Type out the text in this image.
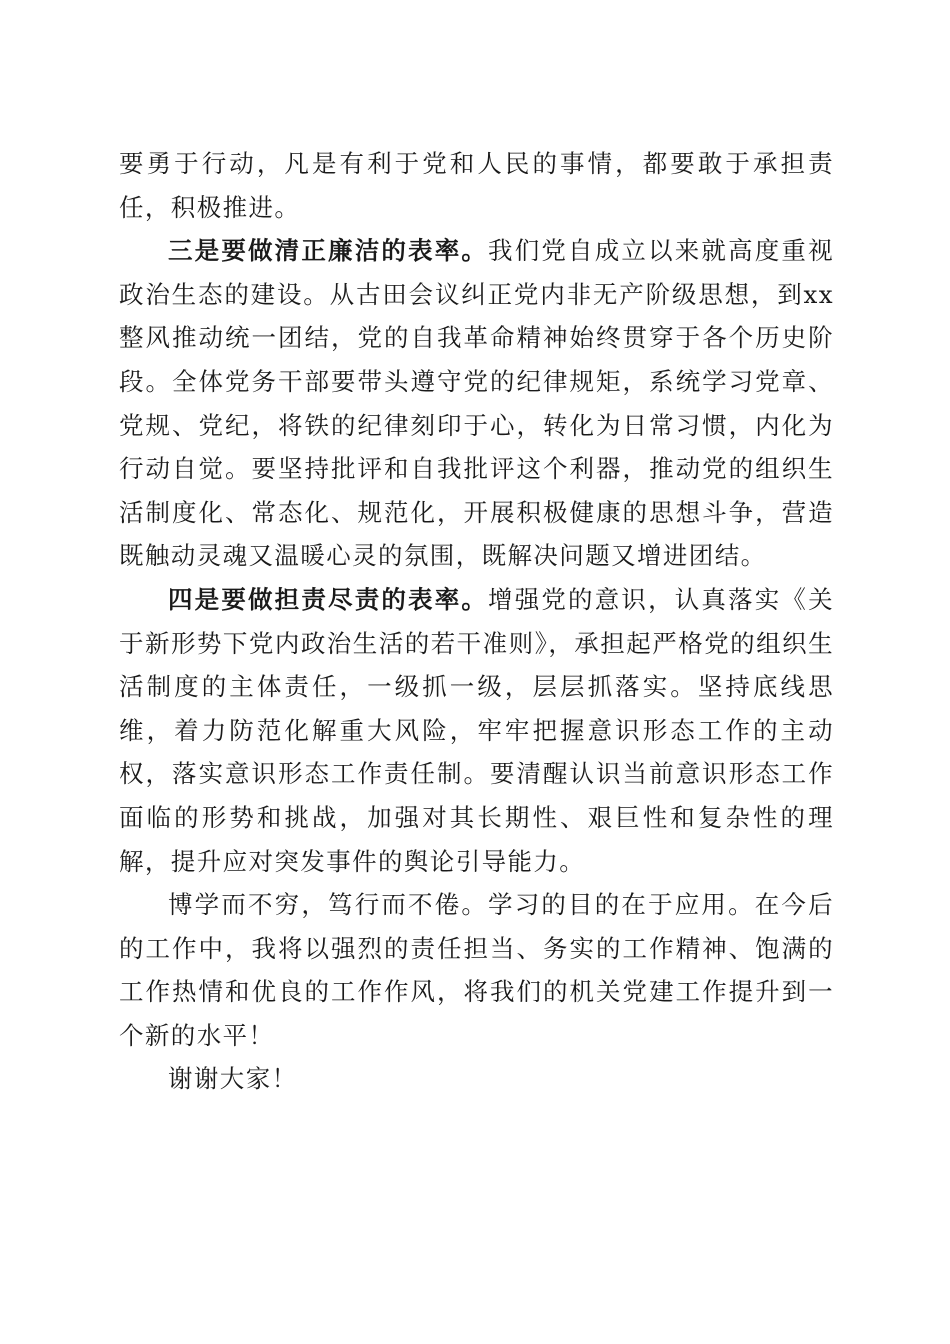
要勇于行动，凡是有利于党和人民的事情，都要敢于承担责任，积极推进。

三是要做清正廉洁的表率。我们党自成立以来就高度重视政治生态的建设。从古田会议纠正党内非无产阶级思想，到xx整风推动统一团结，党的自我革命精神始终贯穿于各个历史阶段。全体党务干部要带头遵守党的纪律规矩，系统学习党章、党规、党纪，将铁的纪律刻印于心，转化为日常习惯，内化为行动自觉。要坚持批评和自我批评这个利器，推动党的组织生活制度化、常态化、规范化，开展积极健康的思想斗争，营造既触动灵魂又温暖心灵的氛围，既解决问题又增进团结。

四是要做担责尽责的表率。增强党的意识，认真落实《关于新形势下党内政治生活的若干准则》，承担起严格党的组织生活制度的主体责任，一级抓一级，层层抓落实。坚持底线思维，着力防范化解重大风险，牢牢把握意识形态工作的主动权，落实意识形态工作责任制。要清醒认识当前意识形态工作面临的形势和挑战，加强对其长期性、艰巨性和复杂性的理解，提升应对突发事件的舆论引导能力。

博学而不穷，笃行而不倦。学习的目的在于应用。在今后的工作中，我将以强烈的责任担当、务实的工作精神、饱满的工作热情和优良的工作作风，将我们的机关党建工作提升到一个新的水平！

谢谢大家！
